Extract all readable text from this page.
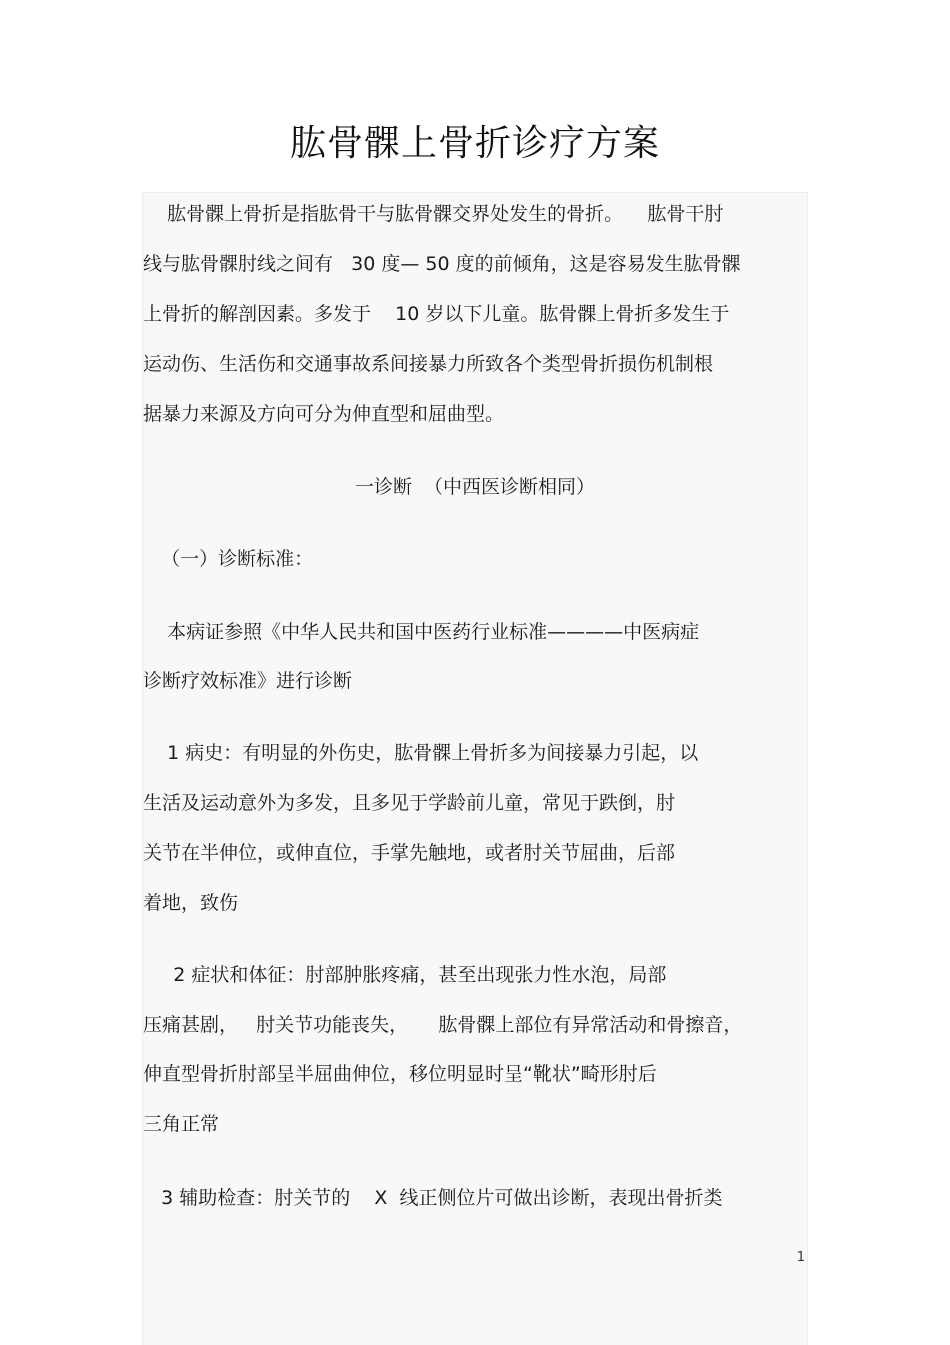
肱骨髁上骨折诊疗方案
肱骨髁上骨折是指肱骨干与肱骨髁交界处发生的骨折。    肱骨干肘
线与肱骨髁肘线之间有   30 度— 50 度的前倾角，这是容易发生肱骨髁
上骨折的解剖因素。多发于    10 岁以下儿童。肱骨髁上骨折多发生于
运动伤、生活伤和交通事故系间接暴力所致各个类型骨折损伤机制根
据暴力来源及方向可分为伸直型和屈曲型。
一诊断  （中西医诊断相同）
（一）诊断标准：
本病证参照《中华人民共和国中医药行业标准————中医病症
诊断疗效标准》进行诊断
1 病史：有明显的外伤史，肱骨髁上骨折多为间接暴力引起，以
生活及运动意外为多发，且多见于学龄前儿童，常见于跌倒，肘
关节在半伸位，或伸直位，手掌先触地，或者肘关节屈曲，后部
着地，致伤
2 症状和体征：肘部肿胀疼痛，甚至出现张力性水泡，局部
压痛甚剧，   肘关节功能丧失，     肱骨髁上部位有异常活动和骨擦音，
伸直型骨折肘部呈半屈曲伸位，移位明显时呈“靴状”畸形肘后
三角正常
3 辅助检查：肘关节的    X  线正侧位片可做出诊断，表现出骨折类
1
